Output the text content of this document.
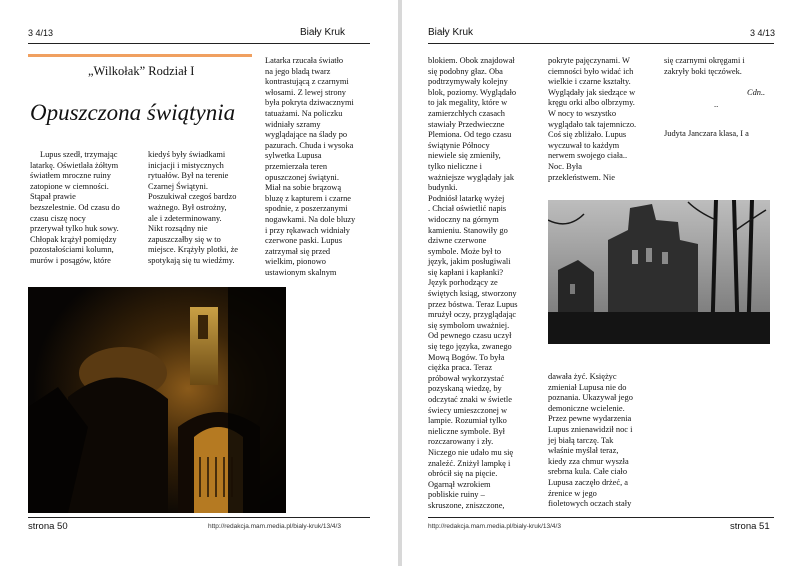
3 4/13	Biały Kruk
„Wilkołak” Rodział I
Opuszczona świątynia
Lupus szedł, trzymając
latarkę. Oświetlała żółtym
światłem mroczne ruiny
zatopione w ciemności.
Stąpał prawie
bezszelestnie. Od czasu do
czasu ciszę nocy
przerywał tylko huk sowy.
Chłopak krążył pomiędzy
pozostałościami kolumn,
murów i posągów, które
kiedyś były świadkami
inicjacji i mistycznych
rytuałów. Był na terenie
Czarnej Świątyni.
Poszukiwał czegoś bardzo
ważnego. Był ostrożny,
ale i zdeterminowany.
Nikt rozsądny nie
zapuszczałby się w to
miejsce. Krążyły plotki, że
spotykają się tu wiedźmy.
Latarka rzucała światło
na jego bladą twarz
kontrastującą z czarnymi
włosami. Z lewej strony
była pokryta dziwacznymi
tatuażami. Na policzku
widniały szramy
wyglądające na ślady po
pazurach. Chuda i wysoka
sylwetka Lupusa
przemierzała teren
opuszczonej świątyni.
Miał na sobie brązową
bluzę z kapturem i czarne
spodnie, z poszerzanymi
nogawkami. Na dole bluzy
i przy rękawach widniały
czerwone paski. Lupus
zatrzymał się przed
wielkim, pionowo
ustawionym skalnym
strona 50	http://redakcja.mam.media.pl/bialy-kruk/13/4/3
Biały Kruk	3 4/13
blokiem. Obok znajdował
się podobny głaz. Oba
podtrzymywały kolejny
blok, poziomy. Wyglądało
to jak megality, które w
zamierzchłych czasach
stawiały Przedwieczne
Plemiona. Od tego czasu
świątynie Północy
niewiele się zmieniły,
tylko nieliczne i
ważniejsze wyglądały jak
budynki.
Podniósł latarkę wyżej
. Chciał oświetlić napis
widoczny na górnym
kamieniu. Stanowiły go
dziwne czerwone
symbole. Może był to
język, jakim posługiwali
się kapłani i kapłanki?
Język porhodzący ze
świętych ksiąg, stworzony
przez bóstwa. Teraz Lupus
mrużył oczy, przyglądając
się symbolom uważniej.
Od pewnego czasu uczył
się tego języka, zwanego
Mową Bogów. To była
ciężka praca. Teraz
próbował wykorzystać
pozyskaną wiedzę, by
odczytać znaki w świetle
świecy umieszczonej w
lampie. Rozumiał tylko
nieliczne symbole. Był
rozczarowany i zły.
Niczego nie udało mu się
znaleźć. Zniżył lampkę i
obrócił się na pięcie.
Ogarnął wzrokiem
pobliskie ruiny –
skruszone, zniszczone,
pokryte pajęczynami. W
ciemności było widać ich
wielkie i czarne kształty.
Wyglądały jak siedzące w
kręgu orki albo olbrzymy.
W nocy to wszystko
wyglądało tak tajemniczo.
Coś się zbliżało. Lupus
wyczuwał to każdym
nerwem swojego ciała..
Noc. Była
przekleństwem. Nie
się czarnymi okręgami i
zakryły boki tęczówek.
Cdn..
..
Judyta Janczara klasa, I a
dawała żyć. Księżyc
zmieniał Lupusa nie do
poznania. Ukazywał jego
demoniczne wcielenie.
Przez pewne wydarzenia
Lupus znienawidził noc i
jej białą tarczę. Tak
właśnie myślał teraz,
kiedy zza chmur wyszła
srebrna kula. Całe ciało
Lupusa zaczęło drżeć, a
źrenice w jego
fioletowych oczach stały
http://redakcja.mam.media.pl/bialy-kruk/13/4/3	strona 51
